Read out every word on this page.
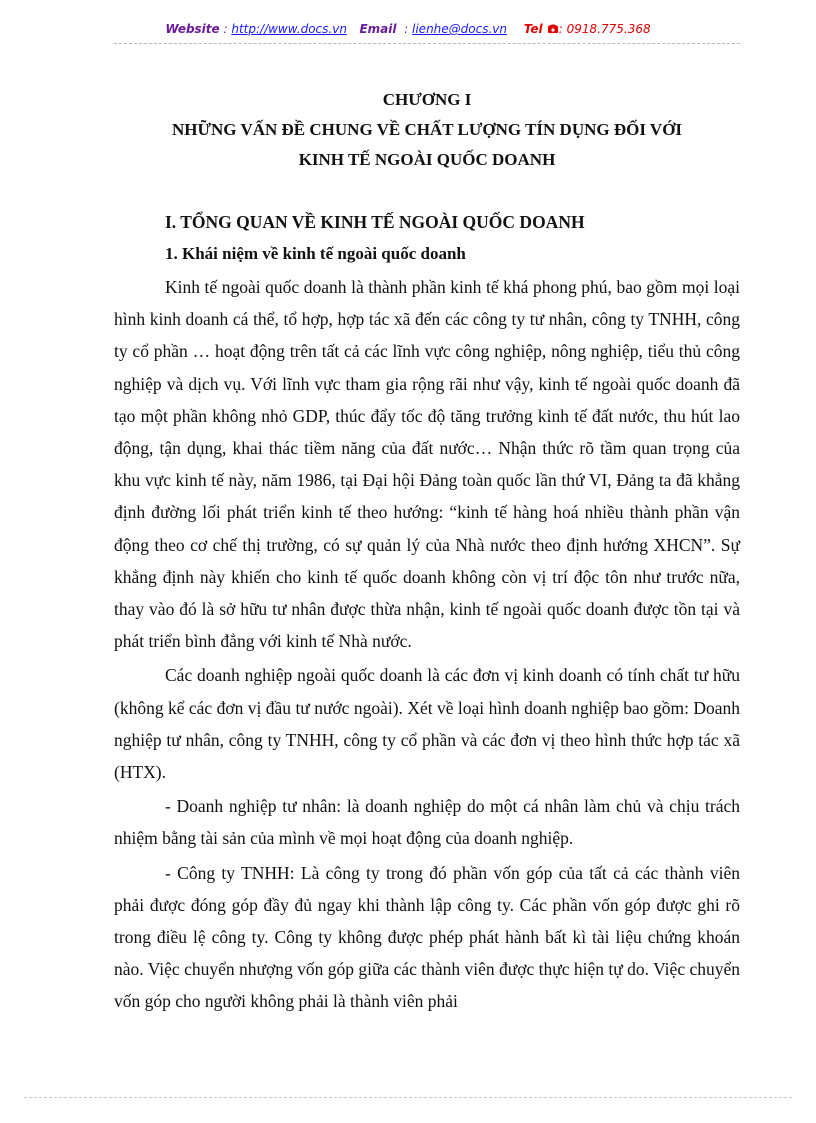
Website : http://www.docs.vn Email  : lienhe@docs.vn Tel : 0918.775.368
CHƯƠNG I
NHỮNG VẤN ĐỀ CHUNG VỀ CHẤT LƯỢNG TÍN DỤNG ĐỐI VỚI
KINH TẾ NGOÀI QUỐC DOANH
I. TỔNG QUAN VỀ KINH TẾ NGOÀI QUỐC DOANH
1. Khái niệm về kinh tế ngoài quốc doanh

Kinh tế ngoài quốc doanh là thành phần kinh tế khá phong phú, bao gồm mọi loại hình kinh doanh cá thể, tổ hợp, hợp tác xã đến các công ty tư nhân, công ty TNHH, công ty cổ phần … hoạt động trên tất cả các lĩnh vực công nghiệp, nông nghiệp, tiểu thủ công nghiệp và dịch vụ. Với lĩnh vực tham gia rộng rãi như vậy, kinh tế ngoài quốc doanh đã tạo một phần không nhỏ GDP, thúc đẩy tốc độ tăng trưởng kinh tế đất nước, thu hút lao động, tận dụng, khai thác tiềm năng của đất nước… Nhận thức rõ tầm quan trọng của khu vực kinh tế này, năm 1986, tại Đại hội Đảng toàn quốc lần thứ VI, Đảng ta đã khẳng định đường lối phát triển kinh tế theo hướng: “kinh tế hàng hoá nhiều thành phần vận động theo cơ chế thị trường, có sự quản lý của Nhà nước theo định hướng XHCN”. Sự khẳng định này khiến cho kinh tế quốc doanh không còn vị trí độc tôn như trước nữa, thay vào đó là sở hữu tư nhân được thừa nhận, kinh tế ngoài quốc doanh được tồn tại và phát triển bình đẳng với kinh tế Nhà nước.

Các doanh nghiệp ngoài quốc doanh là các đơn vị kinh doanh có tính chất tư hữu (không kể các đơn vị đầu tư nước ngoài). Xét về loại hình doanh nghiệp bao gồm: Doanh nghiệp tư nhân, công ty TNHH, công ty cổ phần và các đơn vị theo hình thức hợp tác xã (HTX).

- Doanh nghiệp tư nhân: là doanh nghiệp do một cá nhân làm chủ và chịu trách nhiệm bằng tài sản của mình về mọi hoạt động của doanh nghiệp.

- Công ty TNHH: Là công ty trong đó phần vốn góp của tất cả các thành viên phải được đóng góp đầy đủ ngay khi thành lập công ty. Các phần vốn góp được ghi rõ trong điều lệ công ty. Công ty không được phép phát hành bất kì tài liệu chứng khoán nào. Việc chuyển nhượng vốn góp giữa các thành viên được thực hiện tự do. Việc chuyển vốn góp cho người không phải là thành viên phải
